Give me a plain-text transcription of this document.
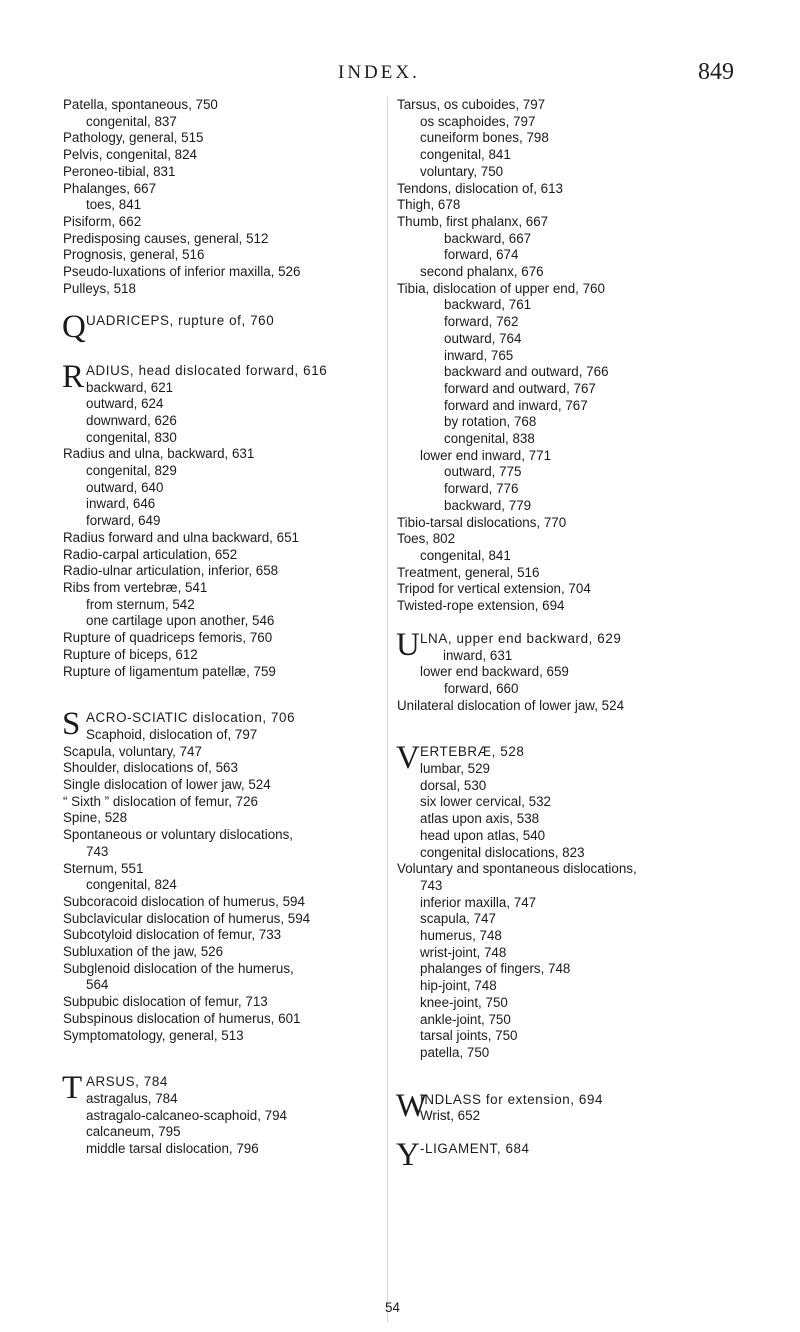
INDEX.	849
Patella, spontaneous, 750
congenital, 837
Pathology, general, 515
Pelvis, congenital, 824
Peroneo-tibial, 831
Phalanges, 667
toes, 841
Pisiform, 662
Predisposing causes, general, 512
Prognosis, general, 516
Pseudo-luxations of inferior maxilla, 526
Pulleys, 518
Q UADRICEPS, rupture of, 760

R ADIUS, head dislocated forward, 616
backward, 621
outward, 624
downward, 626
congenital, 830
Radius and ulna, backward, 631
congenital, 829
outward, 640
inward, 646
forward, 649
Radius forward and ulna backward, 651
Radio-carpal articulation, 652
Radio-ulnar articulation, inferior, 658
Ribs from vertebræ, 541
from sternum, 542
one cartilage upon another, 546
Rupture of quadriceps femoris, 760
Rupture of biceps, 612
Rupture of ligamentum patellæ, 759
S ACRO-SCIATIC dislocation, 706
Scaphoid, dislocation of, 797
Scapula, voluntary, 747
Shoulder, dislocations of, 563
Single dislocation of lower jaw, 524
“ Sixth ” dislocation of femur, 726
Spine, 528
Spontaneous or voluntary dislocations,
743
Sternum, 551
congenital, 824
Subcoracoid dislocation of humerus, 594
Subclavicular dislocation of humerus, 594
Subcotyloid dislocation of femur, 733
Subluxation of the jaw, 526
Subglenoid dislocation of the humerus,
564
Subpubic dislocation of femur, 713
Subspinous dislocation of humerus, 601
Symptomatology, general, 513
T ARSUS, 784
astragalus, 784
astragalo-calcaneo-scaphoid, 794
calcaneum, 795
middle tarsal dislocation, 796
Tarsus, os cuboides, 797
os scaphoides, 797
cuneiform bones, 798
congenital, 841
voluntary, 750
Tendons, dislocation of, 613
Thigh, 678
Thumb, first phalanx, 667
backward, 667
forward, 674
second phalanx, 676
Tibia, dislocation of upper end, 760
backward, 761
forward, 762
outward, 764
inward, 765
backward and outward, 766
forward and outward, 767
forward and inward, 767
by rotation, 768
congenital, 838
lower end inward, 771
outward, 775
forward, 776
backward, 779
Tibio-tarsal dislocations, 770
Toes, 802
congenital, 841
Treatment, general, 516
Tripod for vertical extension, 704
Twisted-rope extension, 694
U LNA, upper end backward, 629
inward, 631
lower end backward, 659
forward, 660
Unilateral dislocation of lower jaw, 524
V ERTEBRÆ, 528
lumbar, 529
dorsal, 530
six lower cervical, 532
atlas upon axis, 538
head upon atlas, 540
congenital dislocations, 823
Voluntary and spontaneous dislocations,
743
inferior maxilla, 747
scapula, 747
humerus, 748
wrist-joint, 748
phalanges of fingers, 748
hip-joint, 748
knee-joint, 750
ankle-joint, 750
tarsal joints, 750
patella, 750
W
INDLASS for extension, 694
Wrist, 652
Y -LIGAMENT, 684
54
